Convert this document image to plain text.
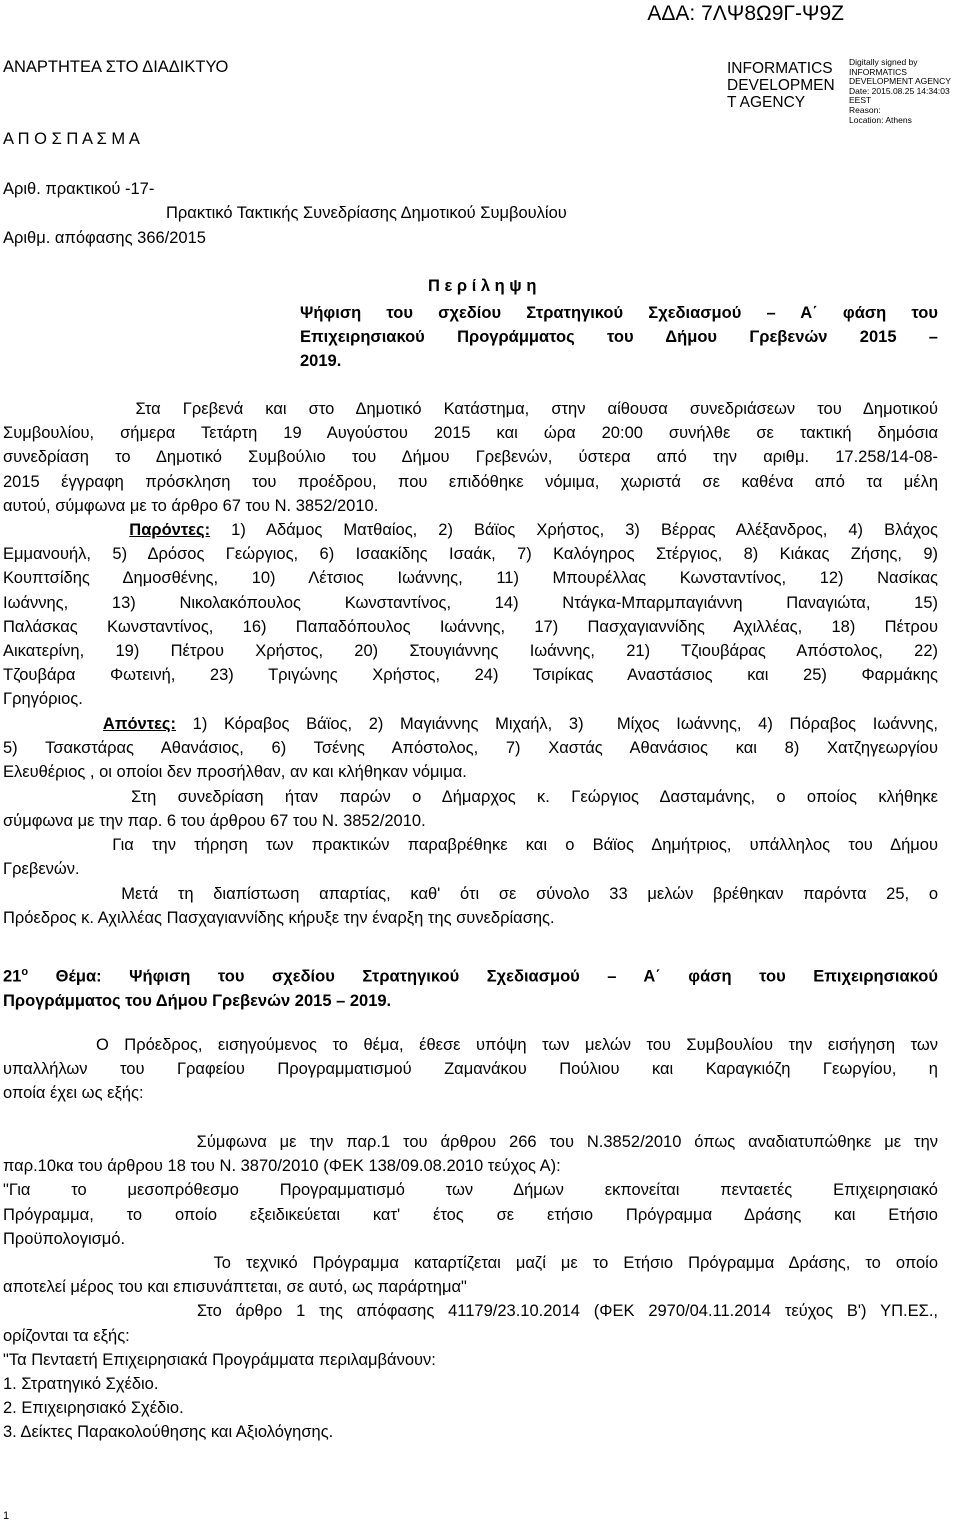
ΑΔΑ: 7ΛΨ8Ω9Γ-Ψ9Ζ
ΑΝΑΡΤΗΤΕΑ ΣΤΟ ΔΙΑΔΙΚΤΥΟ
Α Π Ο Σ Π Α Σ Μ Α
INFORMATICS
DEVELOPMEN
T AGENCY
Digitally signed by
INFORMATICS
DEVELOPMENT AGENCY
Date: 2015.08.25 14:34:03
EEST
Reason:
Location: Athens
Αριθ. πρακτικού -17-
Πρακτικό Τακτικής Συνεδρίασης Δημοτικού Συμβουλίου
Αριθμ. απόφασης 366/2015
Π ε ρ ί λ η ψ η
Ψήφιση του σχεδίου Στρατηγικού Σχεδιασμού – Α΄ φάση του
Επιχειρησιακού Προγράμματος του Δήμου Γρεβενών 2015 –
2019.
Στα Γρεβενά και στο Δημοτικό Κατάστημα, στην αίθουσα συνεδριάσεων του Δημοτικού
Συμβουλίου, σήμερα Τετάρτη 19 Αυγούστου 2015 και ώρα 20:00 συνήλθε σε τακτική δημόσια
συνεδρίαση το Δημοτικό Συμβούλιο του Δήμου Γρεβενών, ύστερα από την αριθμ. 17.258/14-08-
2015 έγγραφη πρόσκληση του προέδρου, που επιδόθηκε νόμιμα, χωριστά σε καθένα από τα μέλη
αυτού, σύμφωνα με το άρθρο 67 του Ν. 3852/2010.
Παρόντες: 1) Αδάμος Ματθαίος, 2) Βάϊος Χρήστος, 3) Βέρρας Αλέξανδρος, 4) Βλάχος
Εμμανουήλ, 5) Δρόσος Γεώργιος, 6) Ισαακίδης Ισαάκ, 7) Καλόγηρος Στέργιος, 8) Κιάκας Ζήσης, 9)
Κουπτσίδης Δημοσθένης, 10) Λέτσιος Ιωάννης, 11) Μπουρέλλας Κωνσταντίνος, 12) Νασίκας
Ιωάννης, 13) Νικολακόπουλος Κωνσταντίνος, 14) Ντάγκα-Μπαρμπαγιάννη Παναγιώτα, 15)
Παλάσκας Κωνσταντίνος, 16) Παπαδόπουλος Ιωάννης, 17) Πασχαγιαννίδης Αχιλλέας, 18) Πέτρου
Αικατερίνη, 19) Πέτρου Χρήστος, 20) Στουγιάννης Ιωάννης, 21) Τζιουβάρας Απόστολος, 22)
Τζουβάρα Φωτεινή, 23) Τριγώνης Χρήστος, 24) Τσιρίκας Αναστάσιος και 25) Φαρμάκης
Γρηγόριος.
Απόντες: 1) Κόραβος Βάϊος, 2) Μαγιάννης Μιχαήλ, 3)  Μίχος Ιωάννης, 4) Πόραβος Ιωάννης,
5) Τσακστάρας Αθανάσιος, 6) Τσένης Απόστολος, 7) Χαστάς Αθανάσιος και 8) Χατζηγεωργίου
Ελευθέριος , οι οποίοι δεν προσήλθαν, αν και κλήθηκαν νόμιμα.
Στη συνεδρίαση ήταν παρών ο Δήμαρχος κ. Γεώργιος Δασταμάνης, ο οποίος κλήθηκε
σύμφωνα με την παρ. 6 του άρθρου 67 του Ν. 3852/2010.
Για την τήρηση των πρακτικών παραβρέθηκε και ο Βάϊος Δημήτριος, υπάλληλος του Δήμου
Γρεβενών.
Μετά τη διαπίστωση απαρτίας, καθ' ότι σε σύνολο 33 μελών βρέθηκαν παρόντα 25, ο
Πρόεδρος κ. Αχιλλέας Πασχαγιαννίδης κήρυξε την έναρξη της συνεδρίασης.
$21^o$ Θέμα: Ψήφιση του σχεδίου Στρατηγικού Σχεδιασμού – Α΄ φάση του Επιχειρησιακού
Προγράμματος του Δήμου Γρεβενών 2015 – 2019.
Ο Πρόεδρος, εισηγούμενος το θέμα, έθεσε υπόψη των μελών του Συμβουλίου την εισήγηση των
υπαλλήλων του Γραφείου Προγραμματισμού Ζαμανάκου Πούλιου και Καραγκιόζη Γεωργίου, η
οποία έχει ως εξής:
Σύμφωνα με την παρ.1 του άρθρου 266 του Ν.3852/2010 όπως αναδιατυπώθηκε με την
παρ.10κα του άρθρου 18 του Ν. 3870/2010 (ΦΕΚ 138/09.08.2010 τεύχος Α):
"Για το μεσοπρόθεσμο Προγραμματισμό των Δήμων εκπονείται πενταετές Επιχειρησιακό
Πρόγραμμα, το οποίο εξειδικεύεται κατ' έτος σε ετήσιο Πρόγραμμα Δράσης και Ετήσιο
Προϋπολογισμό.
Το τεχνικό Πρόγραμμα καταρτίζεται μαζί με το Ετήσιο Πρόγραμμα Δράσης, το οποίο
αποτελεί μέρος του και επισυνάπτεται, σε αυτό, ως παράρτημα"
Στο άρθρο 1 της απόφασης 41179/23.10.2014 (ΦΕΚ 2970/04.11.2014 τεύχος Β') ΥΠ.ΕΣ.,
ορίζονται τα εξής:
"Τα Πενταετή Επιχειρησιακά Προγράμματα περιλαμβάνουν:
1. Στρατηγικό Σχέδιο.
2. Επιχειρησιακό Σχέδιο.
3. Δείκτες Παρακολούθησης και Αξιολόγησης.
1
